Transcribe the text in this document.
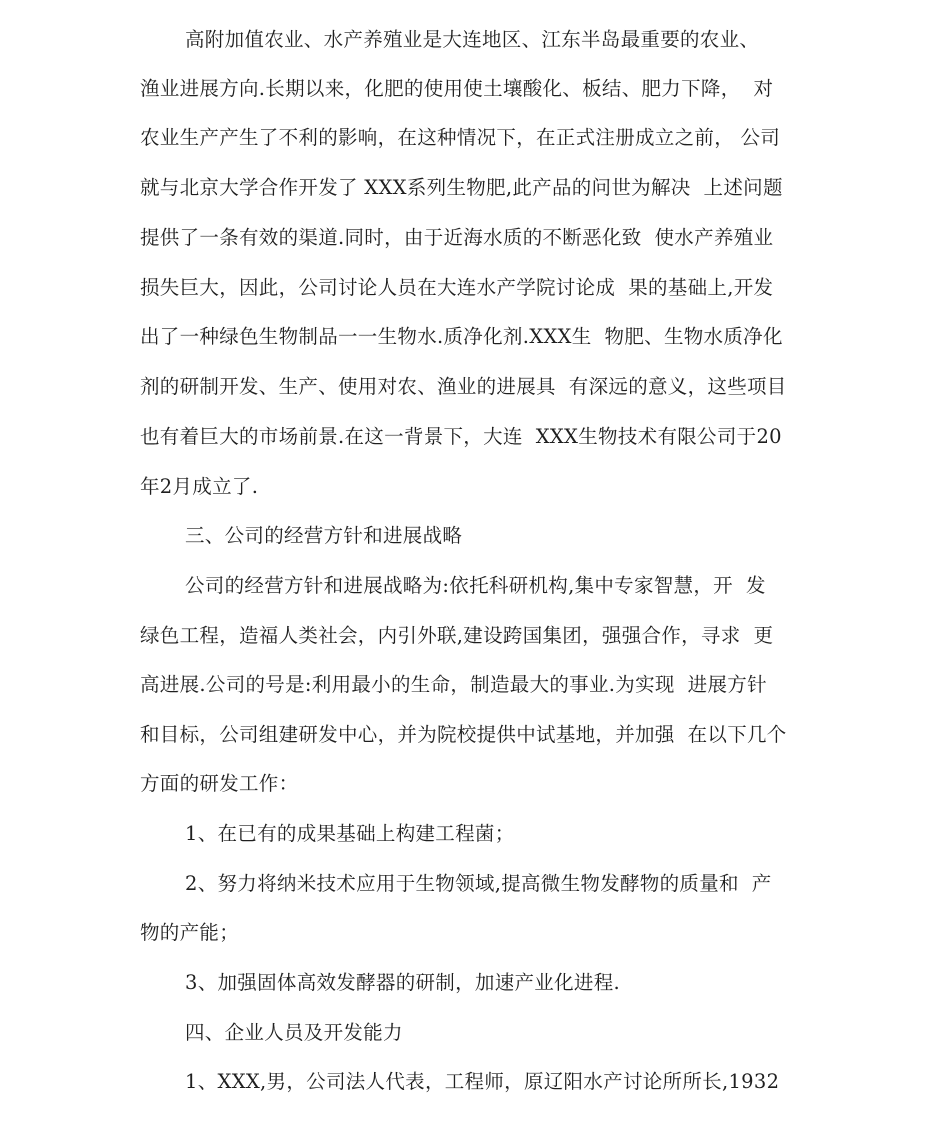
高附加值农业、水产养殖业是大连地区、江东半岛最重要的农业、
渔业进展方向.长期以来，化肥的使用使土壤酸化、板结、肥力下降，  对
农业生产产生了不利的影响，在这种情况下，在正式注册成立之前， 公司
就与北京大学合作开发了 XXX系列生物肥,此产品的问世为解决  上述问题
提供了一条有效的渠道.同时，由于近海水质的不断恶化致  使水产养殖业
损失巨大，因此，公司讨论人员在大连水产学院讨论成  果的基础上,开发
出了一种绿色生物制品一一生物水.质净化剂.XXX生  物肥、生物水质净化
剂的研制开发、生产、使用对农、渔业的进展具  有深远的意义，这些项目
也有着巨大的市场前景.在这一背景下，大连  XXX生物技术有限公司于20
年2月成立了.
三、公司的经营方针和进展战略
公司的经营方针和进展战略为:依托科研机构,集中专家智慧，开  发
绿色工程，造福人类社会，内引外联,建设跨国集团，强强合作，寻求  更
高进展.公司的号是:利用最小的生命，制造最大的事业.为实现  进展方针
和目标，公司组建研发中心，并为院校提供中试基地，并加强  在以下几个
方面的研发工作：
1、在已有的成果基础上构建工程菌；
2、努力将纳米技术应用于生物领域,提高微生物发酵物的质量和  产
物的产能；
3、加强固体高效发酵器的研制，加速产业化进程.
四、企业人员及开发能力
1、XXX,男，公司法人代表，工程师，原辽阳水产讨论所所长,1932
